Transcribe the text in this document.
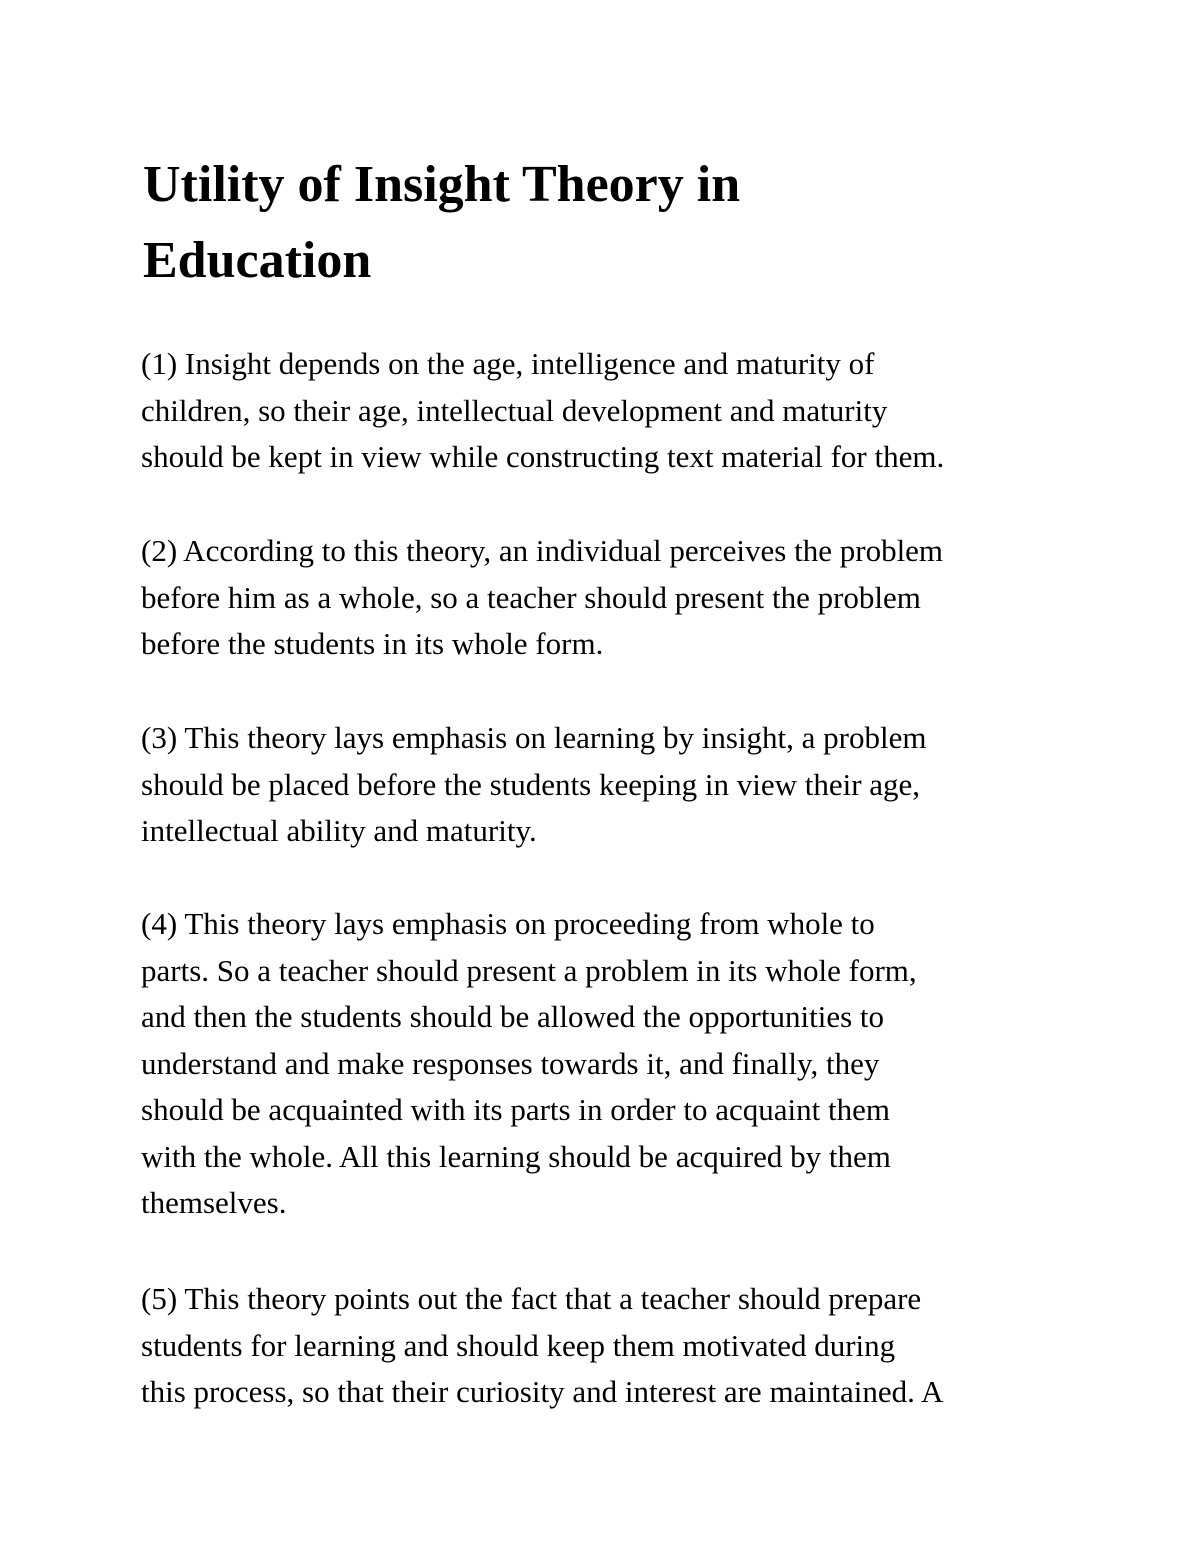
Utility of Insight Theory in
Education

(1) Insight depends on the age, intelligence and maturity of
children, so their age, intellectual development and maturity
should be kept in view while constructing text material for them.

(2) According to this theory, an individual perceives the problem
before him as a whole, so a teacher should present the problem
before the students in its whole form.

(3) This theory lays emphasis on learning by insight, a problem
should be placed before the students keeping in view their age,
intellectual ability and maturity.

(4) This theory lays emphasis on proceeding from whole to
parts. So a teacher should present a problem in its whole form,
and then the students should be allowed the opportunities to
understand and make responses towards it, and finally, they
should be acquainted with its parts in order to acquaint them
with the whole. All this learning should be acquired by them
themselves.

(5) This theory points out the fact that a teacher should prepare
students for learning and should keep them motivated during
this process, so that their curiosity and interest are maintained. A
